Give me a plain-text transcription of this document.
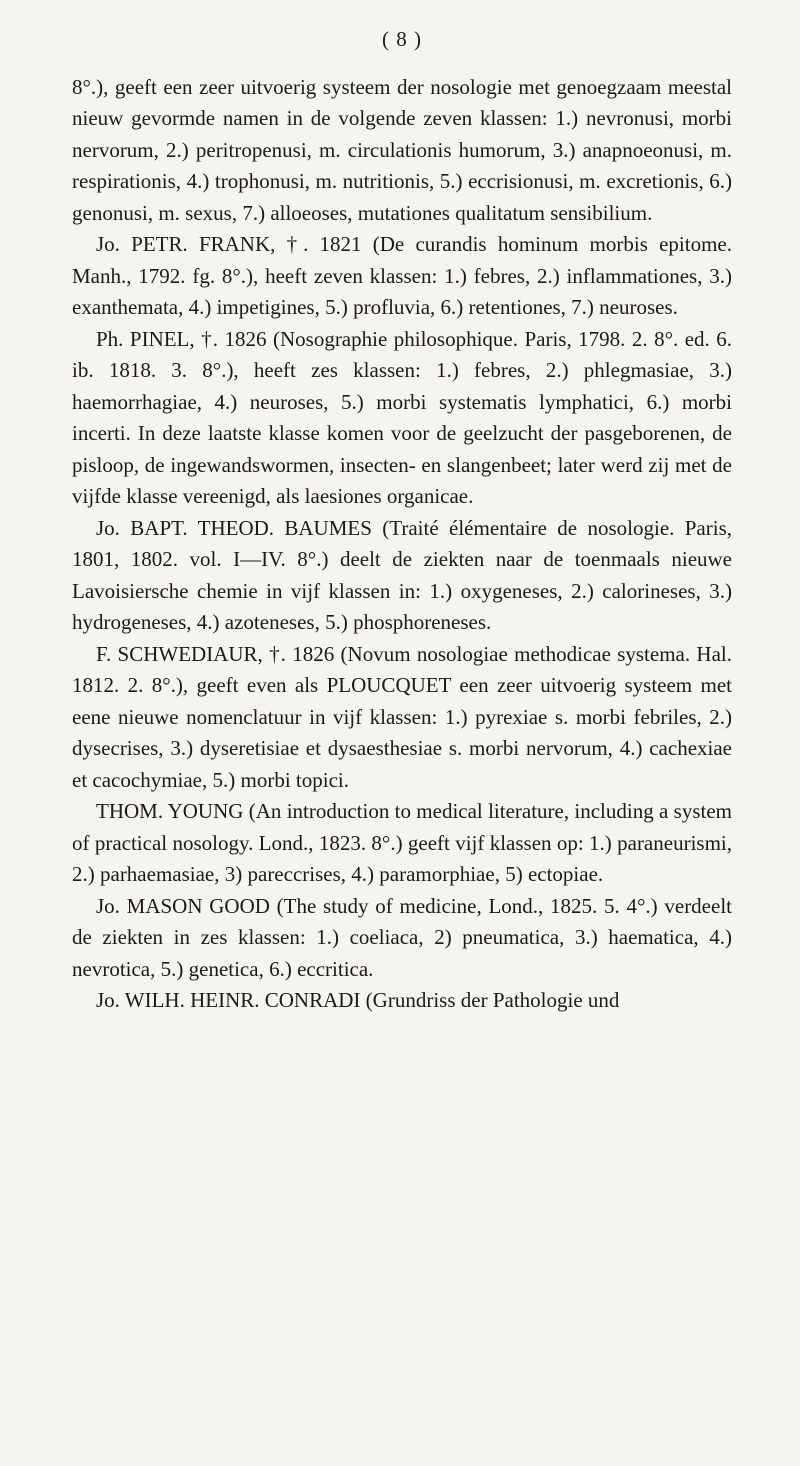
( 8 )

8°.), geeft een zeer uitvoerig systeem der nosologie met genoegzaam meestal nieuw gevormde namen in de volgende zeven klassen: 1.) nevronusi, morbi nervorum, 2.) peritropenusi, m. circulationis humorum, 3.) anapnoeonusi, m. respirationis, 4.) trophonusi, m. nutritionis, 5.) eccrisionusi, m. excretionis, 6.) genonusi, m. sexus, 7.) alloeoses, mutationes qualitatum sensibilium.

Jo. PETR. FRANK, †. 1821 (De curandis hominum morbis epitome. Manh., 1792. fg. 8°.), heeft zeven klassen: 1.) febres, 2.) inflammationes, 3.) exanthemata, 4.) impetigines, 5.) profluvia, 6.) retentiones, 7.) neuroses.

Ph. PINEL, †. 1826 (Nosographie philosophique. Paris, 1798. 2. 8°. ed. 6. ib. 1818. 3. 8°.), heeft zes klassen: 1.) febres, 2.) phlegmasiae, 3.) haemorrhagiae, 4.) neuroses, 5.) morbi systematis lymphatici, 6.) morbi incerti. In deze laatste klasse komen voor de geelzucht der pasgeborenen, de pisloop, de ingewandswormen, insecten- en slangenbeet; later werd zij met de vijfde klasse vereenigd, als laesiones organicae.

Jo. BAPT. THEOD. BAUMES (Traité élémentaire de nosologie. Paris, 1801, 1802. vol. I—IV. 8°.) deelt de ziekten naar de toenmaals nieuwe Lavoisiersche chemie in vijf klassen in: 1.) oxygeneses, 2.) calorineses, 3.) hydrogeneses, 4.) azoteneses, 5.) phosphoreneses.

F. SCHWEDIAUR, †. 1826 (Novum nosologiae methodicae systema. Hal. 1812. 2. 8°.), geeft even als PLOUCQUET een zeer uitvoerig systeem met eene nieuwe nomenclatuur in vijf klassen: 1.) pyrexiae s. morbi febriles, 2.) dysecrises, 3.) dyseretisiae et dysaesthesiae s. morbi nervorum, 4.) cachexiae et cacochymiae, 5.) morbi topici.

THOM. YOUNG (An introduction to medical literature, including a system of practical nosology. Lond., 1823. 8°.) geeft vijf klassen op: 1.) paraneurismi, 2.) parhaemasiae, 3) pareccrises, 4.) paramorphiae, 5) ectopiae.

Jo. MASON GOOD (The study of medicine, Lond., 1825. 5. 4°.) verdeelt de ziekten in zes klassen: 1.) coeliaca, 2) pneumatica, 3.) haematica, 4.) nevrotica, 5.) genetica, 6.) eccritica.

Jo. WILH. HEINR. CONRADI (Grundriss der Pathologie und
